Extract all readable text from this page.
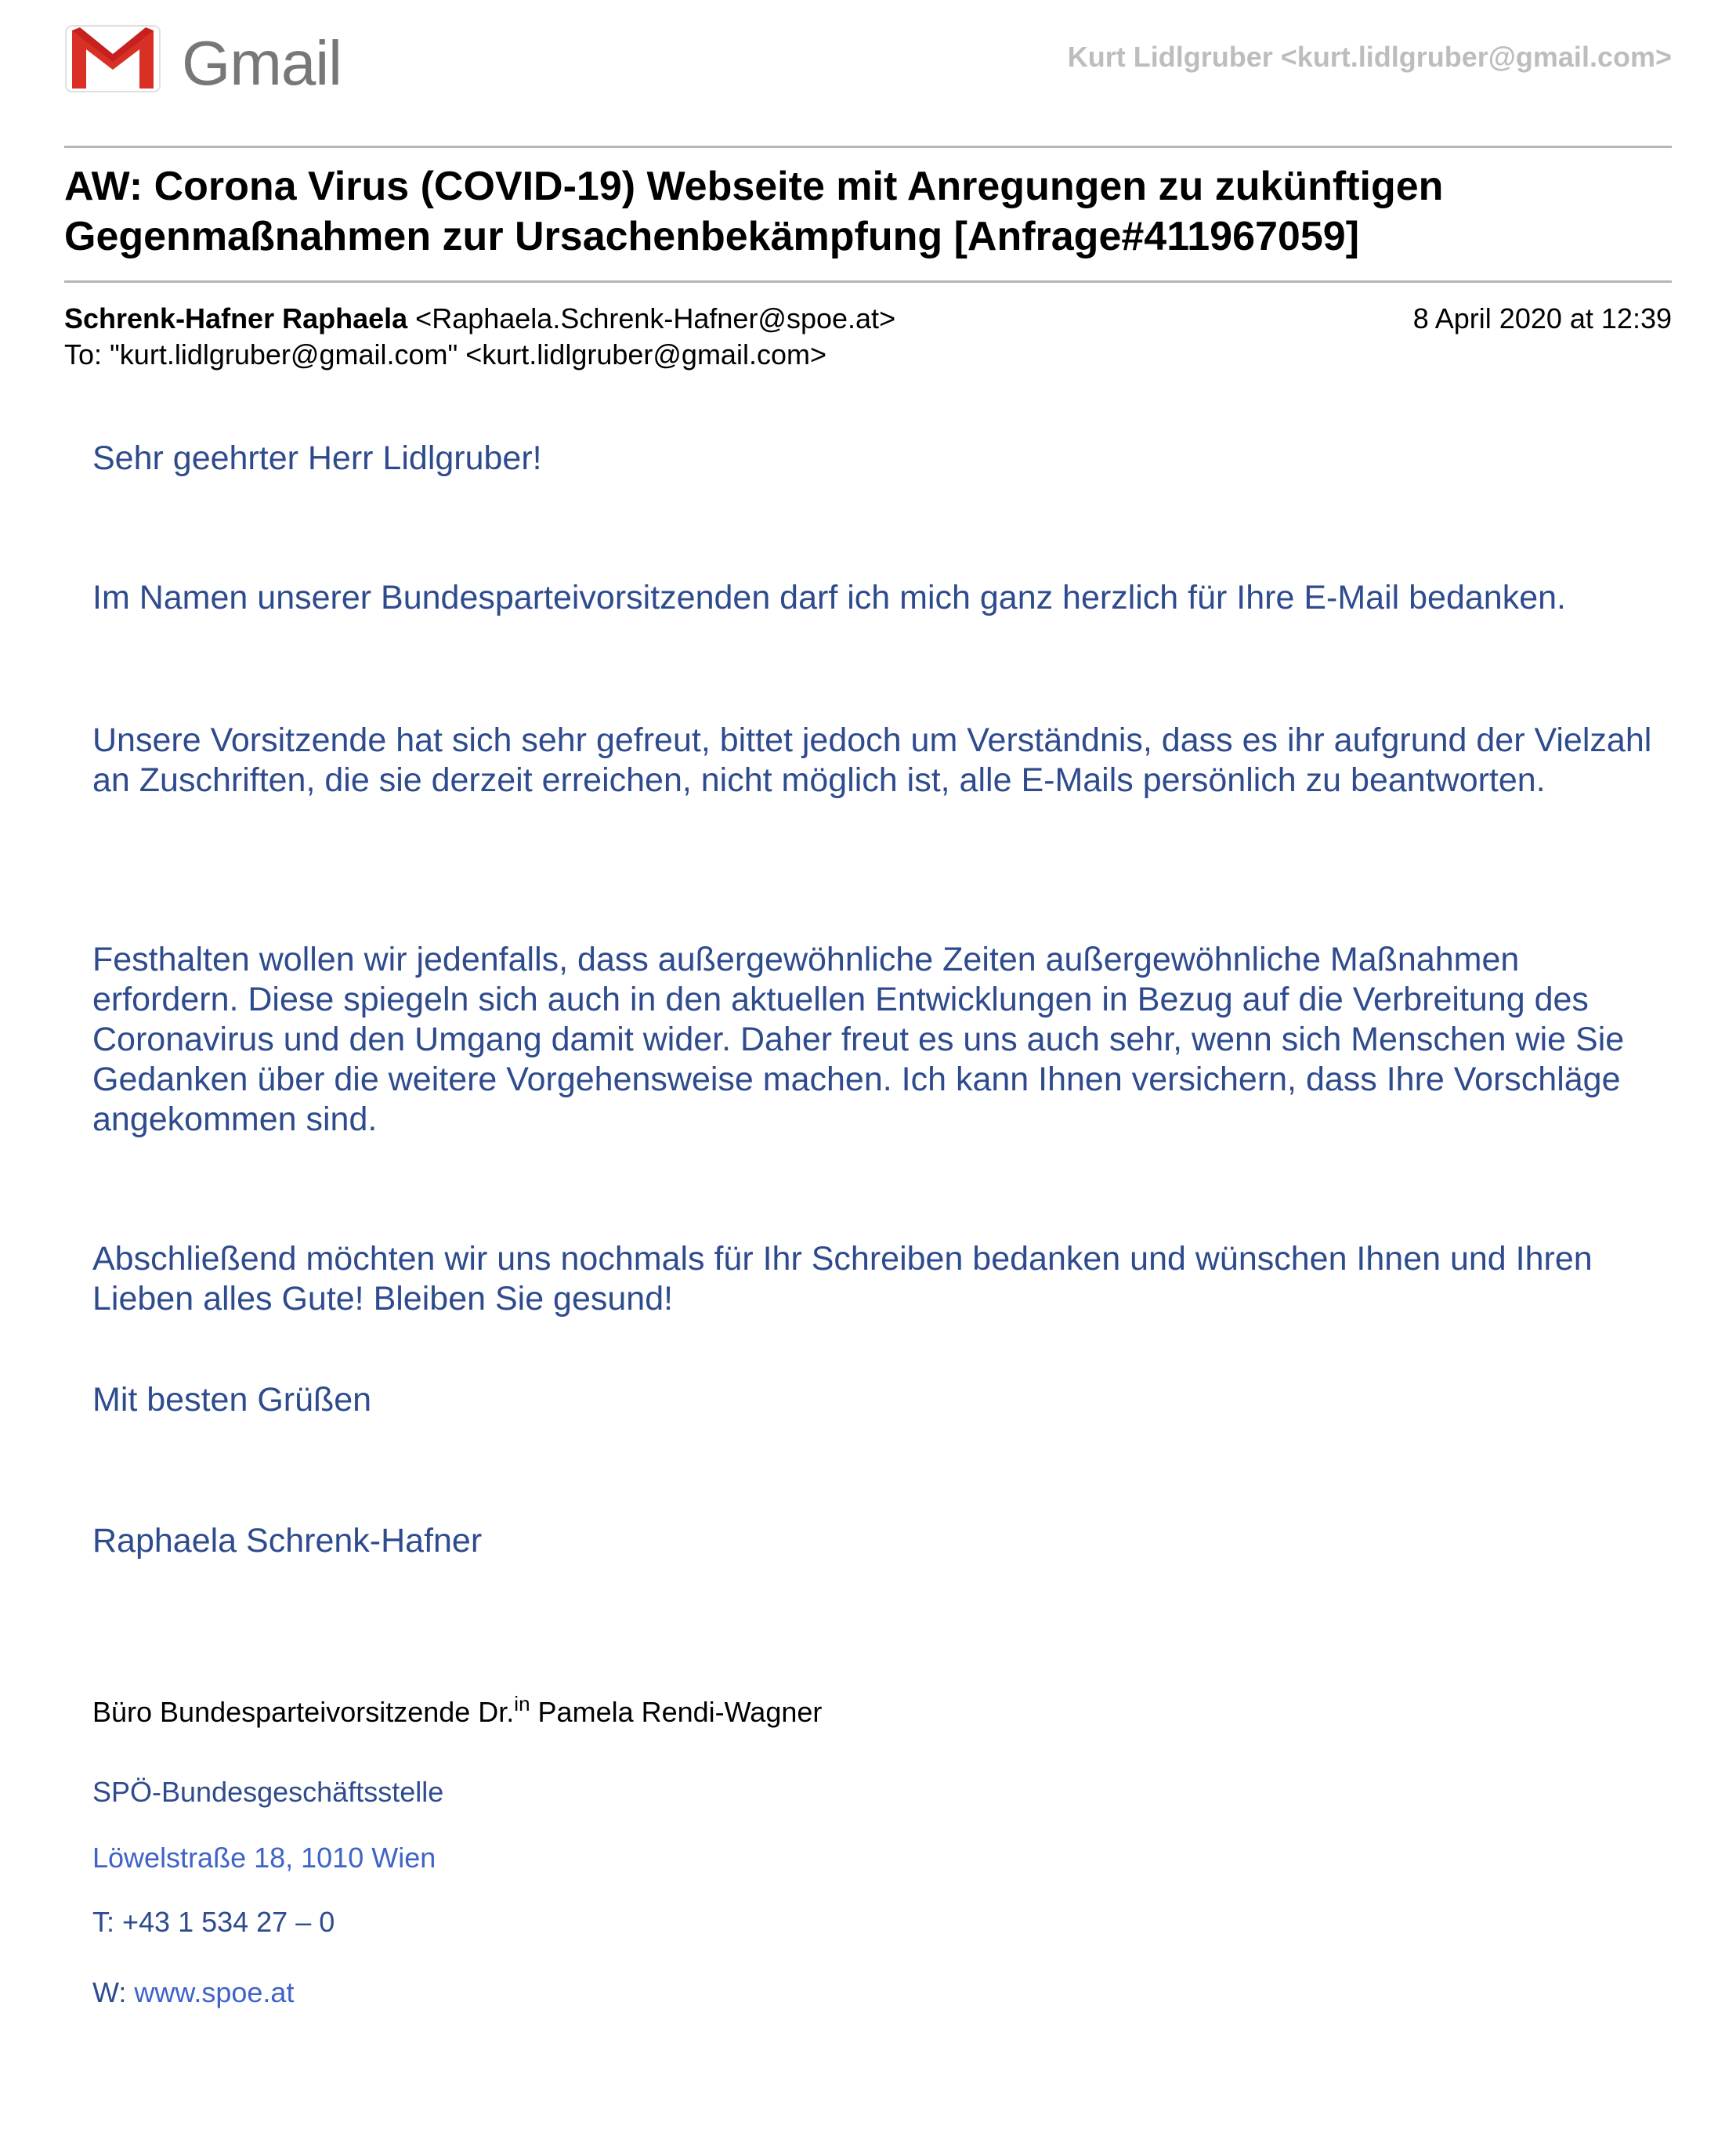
Gmail	Kurt Lidlgruber <kurt.lidlgruber@gmail.com>
AW: Corona Virus (COVID-19) Webseite mit Anregungen zu zukünftigen Gegenmaßnahmen zur Ursachenbekämpfung [Anfrage#411967059]
Schrenk-Hafner Raphaela <Raphaela.Schrenk-Hafner@spoe.at>	8 April 2020 at 12:39
To: "kurt.lidlgruber@gmail.com" <kurt.lidlgruber@gmail.com>

Sehr geehrter Herr Lidlgruber!

Im Namen unserer Bundesparteivorsitzenden darf ich mich ganz herzlich für Ihre E-Mail bedanken.

Unsere Vorsitzende hat sich sehr gefreut, bittet jedoch um Verständnis, dass es ihr aufgrund der Vielzahl an Zuschriften, die sie derzeit erreichen, nicht möglich ist, alle E-Mails persönlich zu beantworten.

Festhalten wollen wir jedenfalls, dass außergewöhnliche Zeiten außergewöhnliche Maßnahmen erfordern. Diese spiegeln sich auch in den aktuellen Entwicklungen in Bezug auf die Verbreitung des Coronavirus und den Umgang damit wider. Daher freut es uns auch sehr, wenn sich Menschen wie Sie Gedanken über die weitere Vorgehensweise machen. Ich kann Ihnen versichern, dass Ihre Vorschläge angekommen sind.

Abschließend möchten wir uns nochmals für Ihr Schreiben bedanken und wünschen Ihnen und Ihren Lieben alles Gute! Bleiben Sie gesund!

Mit besten Grüßen

Raphaela Schrenk-Hafner

Büro Bundesparteivorsitzende Dr.$^{in}$ Pamela Rendi-Wagner
SPÖ-Bundesgeschäftsstelle
Löwelstraße 18, 1010 Wien
T: +43 1 534 27 – 0
W: www.spoe.at
